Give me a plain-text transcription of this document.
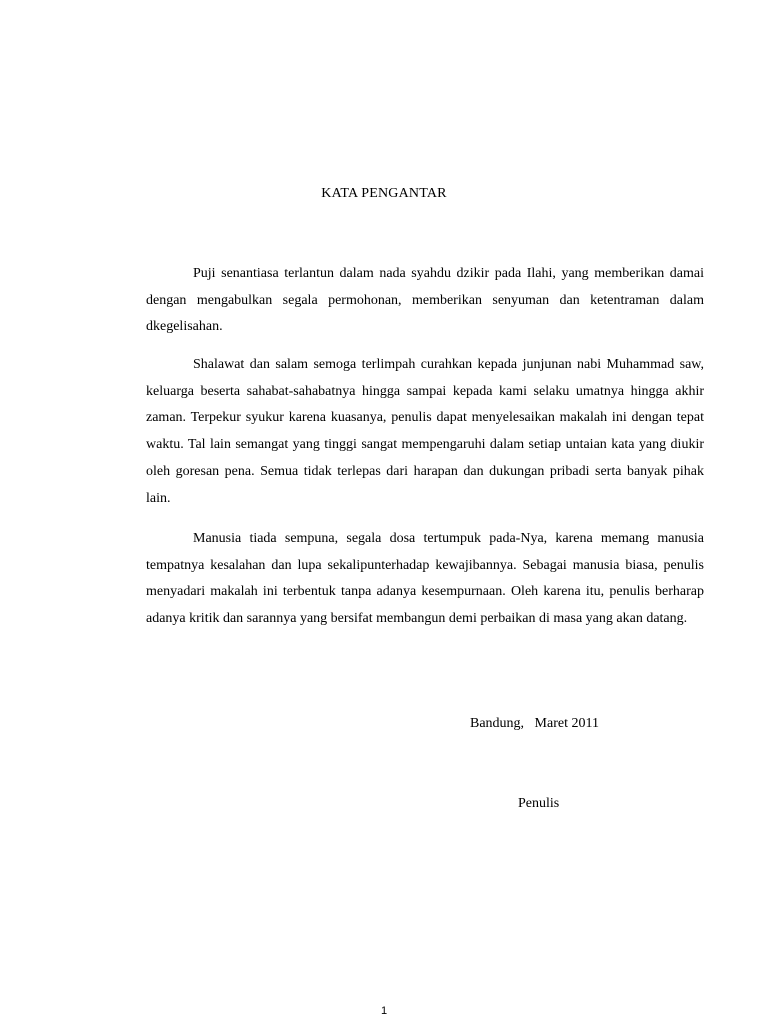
KATA PENGANTAR

Puji senantiasa terlantun dalam nada syahdu dzikir pada Ilahi, yang memberikan damai dengan mengabulkan segala permohonan, memberikan senyuman dan ketentraman dalam dkegelisahan.

Shalawat dan salam semoga terlimpah curahkan kepada junjunan nabi Muhammad saw, keluarga beserta sahabat-sahabatnya hingga sampai kepada kami selaku umatnya hingga akhir zaman. Terpekur syukur karena kuasanya, penulis dapat menyelesaikan makalah ini dengan tepat waktu. Tal lain semangat yang tinggi sangat mempengaruhi dalam setiap untaian kata yang diukir oleh goresan pena. Semua tidak terlepas dari harapan dan dukungan pribadi serta banyak pihak lain.

Manusia tiada sempuna, segala dosa tertumpuk pada-Nya, karena memang manusia tempatnya kesalahan dan lupa sekalipunterhadap kewajibannya. Sebagai manusia biasa, penulis menyadari makalah ini terbentuk tanpa adanya kesempurnaan. Oleh karena itu, penulis berharap adanya kritik dan sarannya yang bersifat membangun demi perbaikan di masa yang akan datang.

Bandung,   Maret 2011
Penulis
1
